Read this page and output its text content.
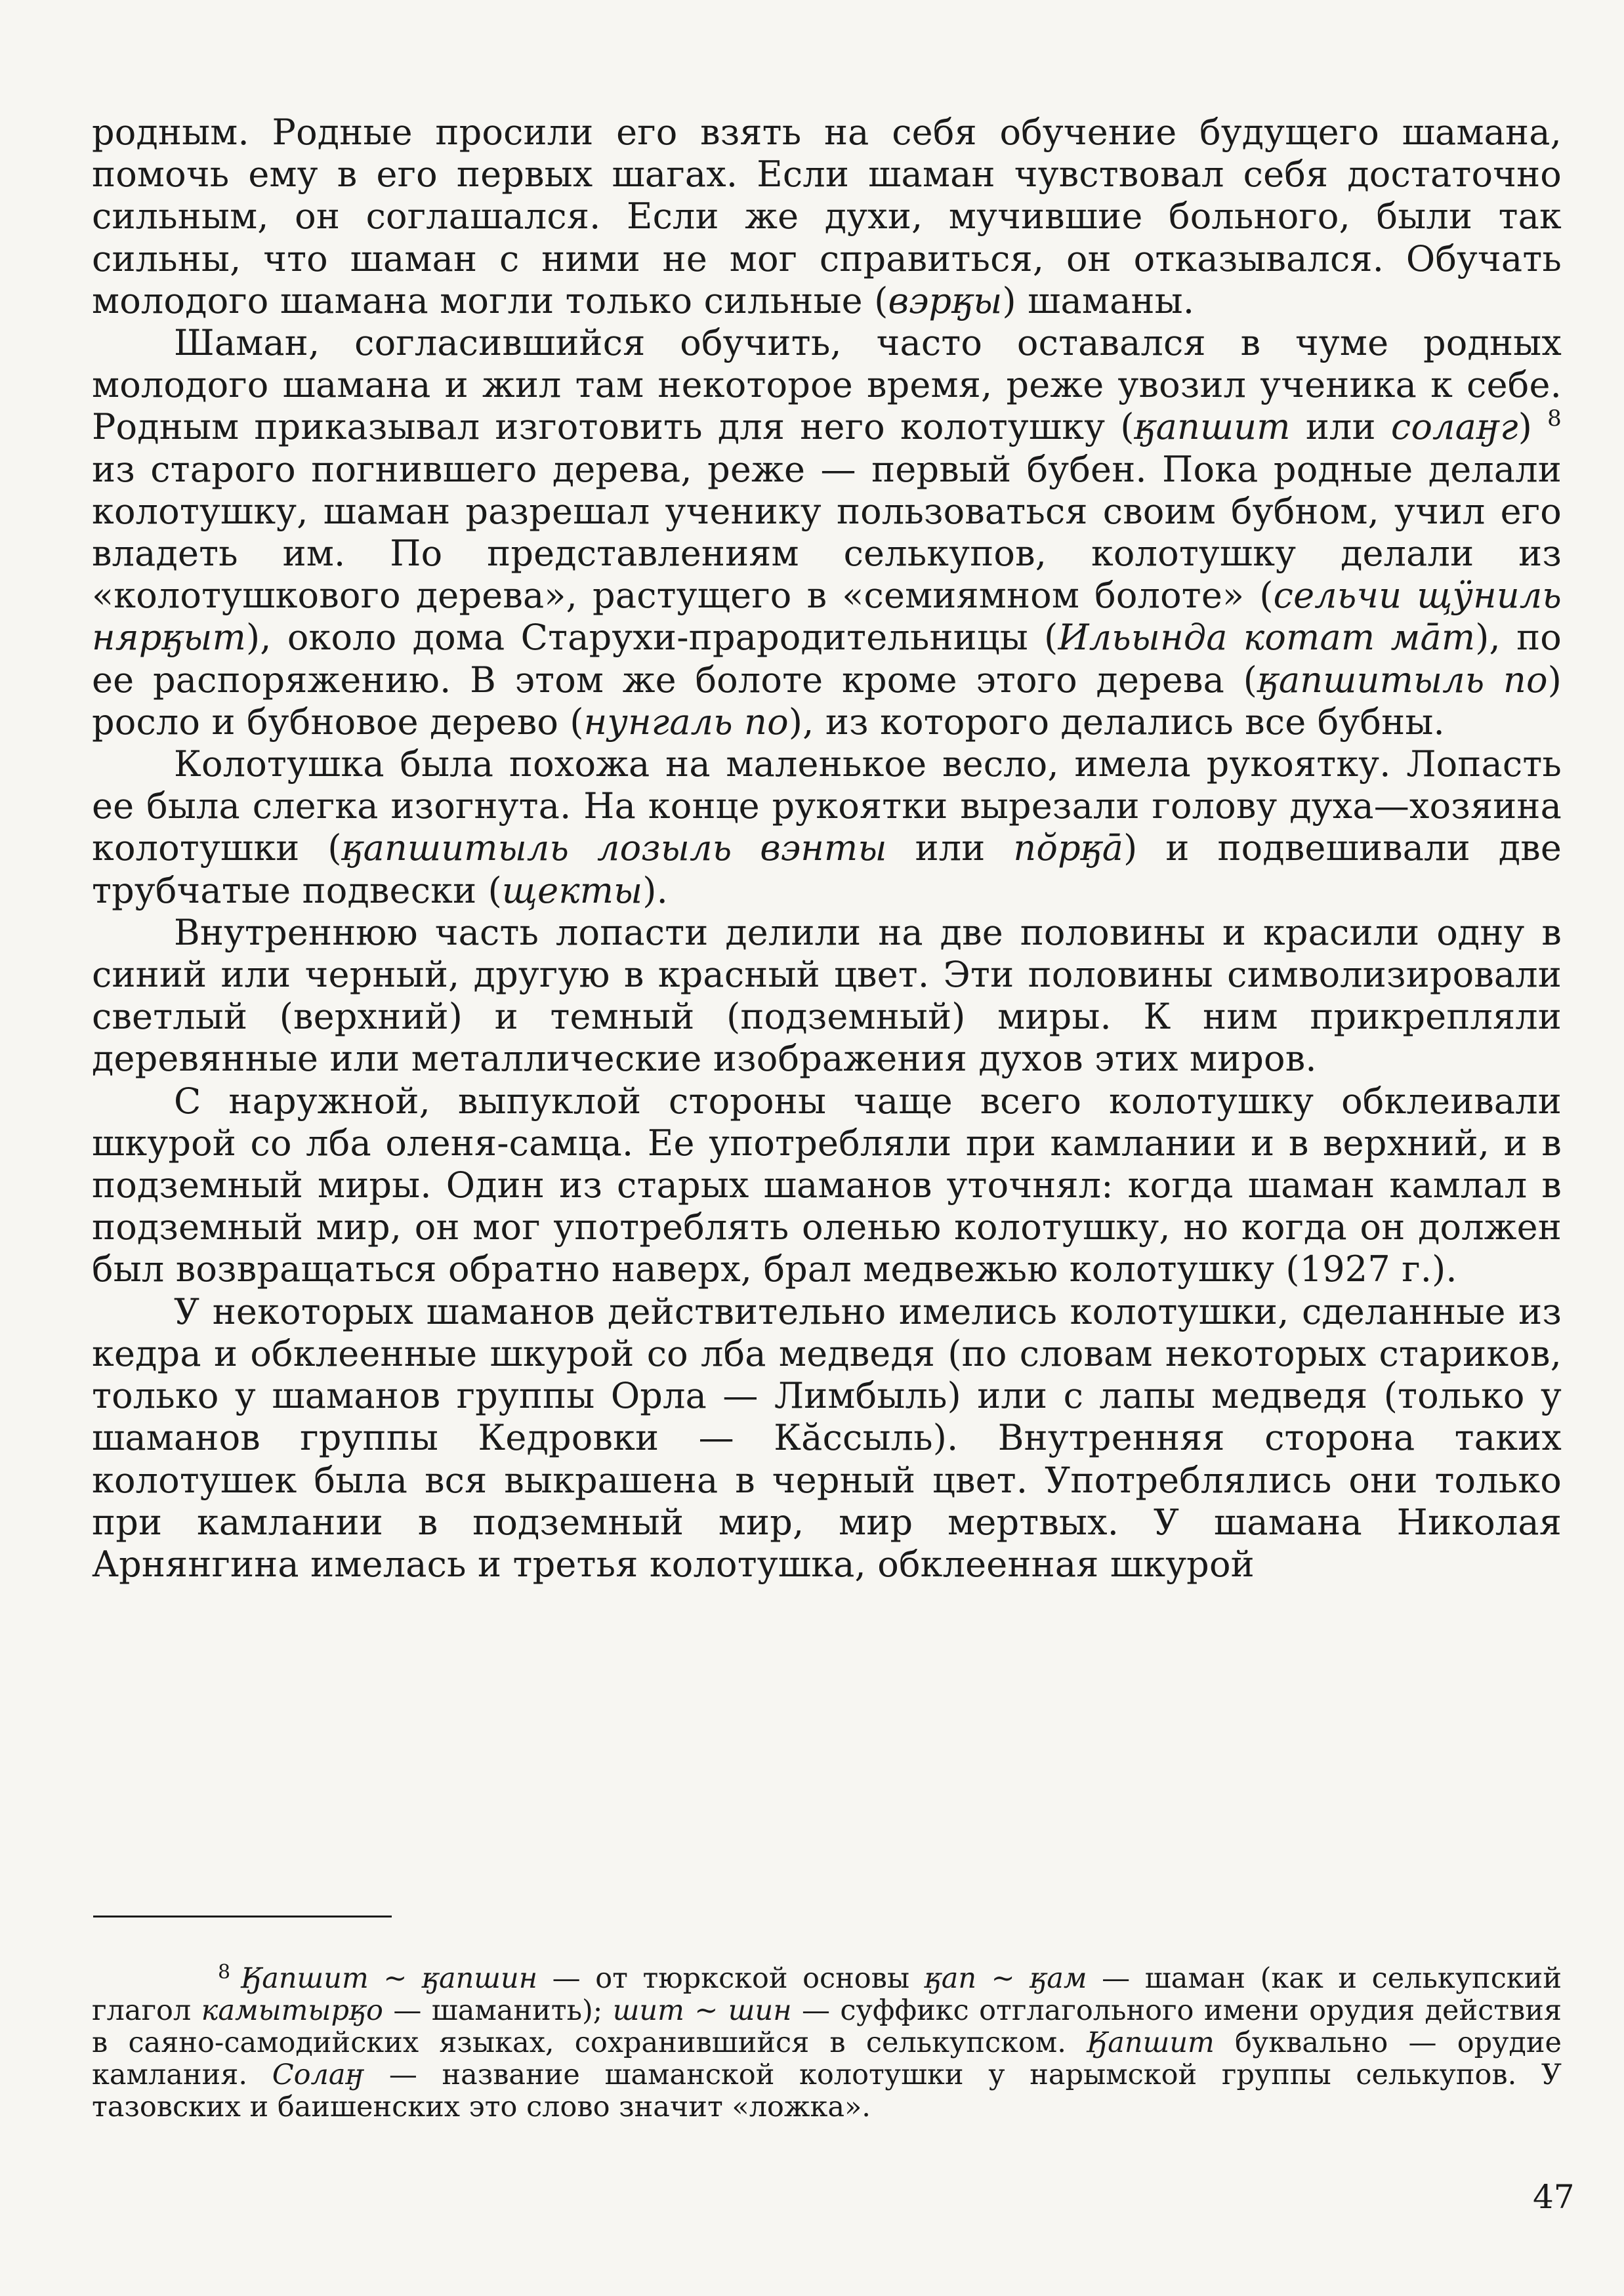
родным. Родные просили его взять на себя обучение будущего шамана, помочь ему в его первых шагах. Если шаман чувствовал себя достаточно сильным, он соглашался. Если же духи, мучившие больного, были так сильны, что шаман с ними не мог справиться, он отказывался. Обучать молодого шамана могли только сильные (вэрӄы) шаманы.

Шаман, согласившийся обучить, часто оставался в чуме родных молодого шамана и жил там некоторое время, реже увозил ученика к себе. Родным приказывал изготовить для него колотушку (ӄапшит или солаӈг) $^8$ из старого погнившего дерева, реже — первый бубен. Пока родные делали колотушку, шаман разрешал ученику пользоваться своим бубном, учил его владеть им. По представлениям селькупов, колотушку делали из «колотушкового дерева», растущего в «семиямном болоте» (сельчи щӱниль нярӄыт), около дома Старухи-прародительницы (Ильында котат мāт), по ее распоряжению. В этом же болоте кроме этого дерева (ӄапшитыль по) росло и бубновое дерево (нунгаль по), из которого делались все бубны.

Колотушка была похожа на маленькое весло, имела рукоятку. Лопасть ее была слегка изогнута. На конце рукоятки вырезали голову духа—хозяина колотушки (ӄапшитыль лозыль вэнты или пŏрӄā) и подвешивали две трубчатые подвески (щекты).

Внутреннюю часть лопасти делили на две половины и красили одну в синий или черный, другую в красный цвет. Эти половины символизировали светлый (верхний) и темный (подземный) миры. К ним прикрепляли деревянные или металлические изображения духов этих миров.

С наружной, выпуклой стороны чаще всего колотушку обклеивали шкурой со лба оленя-самца. Ее употребляли при камлании и в верхний, и в подземный миры. Один из старых шаманов уточнял: когда шаман камлал в подземный мир, он мог употреблять оленью колотушку, но когда он должен был возвращаться обратно наверх, брал медвежью колотушку (1927 г.).

У некоторых шаманов действительно имелись колотушки, сделанные из кедра и обклеенные шкурой со лба медведя (по словам некоторых стариков, только у шаманов группы Орла — Лимбыль) или с лапы медведя (только у шаманов группы Кедровки — Кăссыль). Внутренняя сторона таких колотушек была вся выкрашена в черный цвет. Употреблялись они только при камлании в подземный мир, мир мертвых. У шамана Николая Арнянгина имелась и третья колотушка, обклеенная шкурой

$^8$ Ӄапшит ~ ӄапшин — от тюркской основы ӄап ~ ӄам — шаман (как и селькупский глагол камытырӄо — шаманить); шит ~ шин — суффикс отглагольного имени орудия действия в саяно-самодийских языках, сохранившийся в селькупском. Ӄапшит буквально — орудие камлания. Солаӈ — название шаманской колотушки у нарымской группы селькупов. У тазовских и баишенских это слово значит «ложка».

47
